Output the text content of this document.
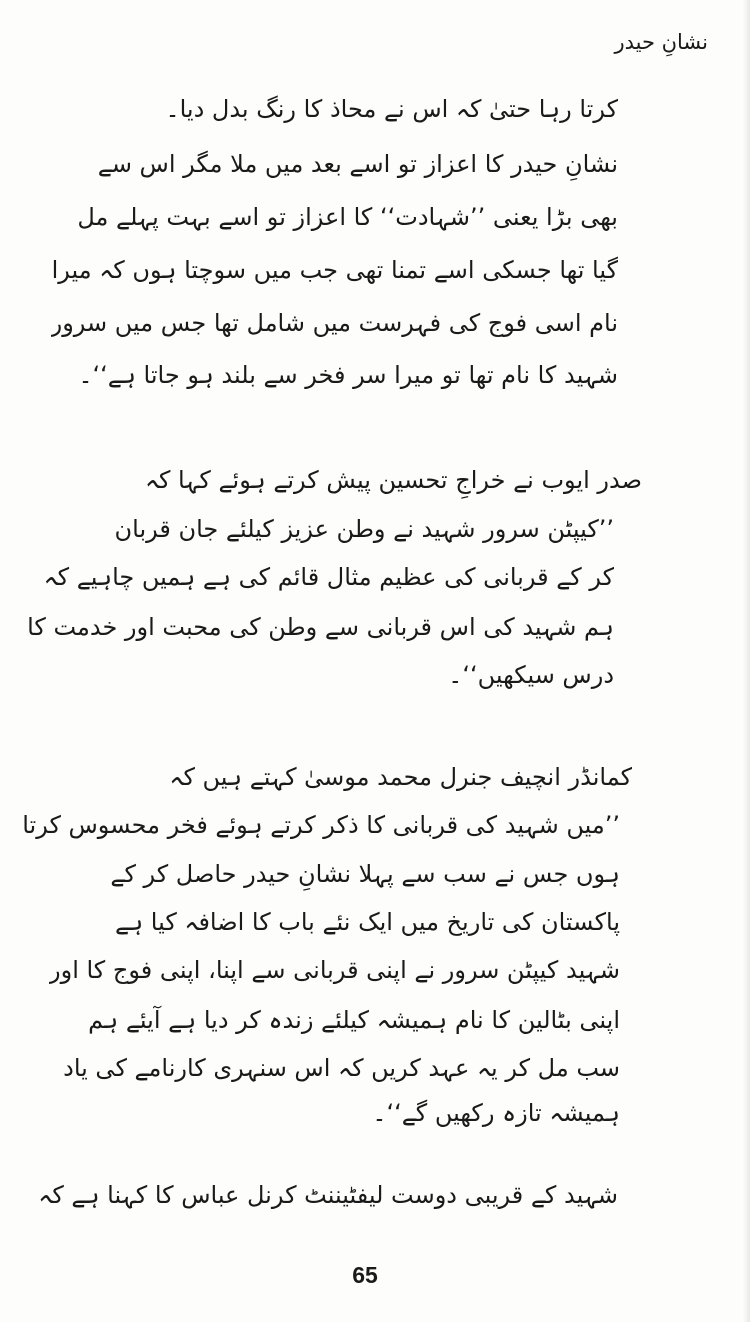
نشانِ حیدر
کرتا رہا حتیٰ کہ اس نے محاذ کا رنگ بدل دیا۔
نشانِ حیدر کا اعزاز تو اسے بعد میں ملا مگر اس سے
بھی بڑا یعنی ’’شہادت‘‘ کا اعزاز تو اسے بہت پہلے مل
گیا تھا جسکی اسے تمنا تھی جب میں سوچتا ہوں کہ میرا
نام اسی فوج کی فہرست میں شامل تھا جس میں سرور
شہید کا نام تھا تو میرا سر فخر سے بلند ہو جاتا ہے‘‘۔
صدر ایوب نے خراجِ تحسین پیش کرتے ہوئے کہا کہ
’’کیپٹن سرور شہید نے وطن عزیز کیلئے جان قربان
کر کے قربانی کی عظیم مثال قائم کی ہے ہمیں چاہیے کہ
ہم شہید کی اس قربانی سے وطن کی محبت اور خدمت کا
درس سیکھیں‘‘۔
کمانڈر انچیف جنرل محمد موسیٰ کہتے ہیں کہ
’’میں شہید کی قربانی کا ذکر کرتے ہوئے فخر محسوس کرتا
ہوں جس نے سب سے پہلا نشانِ حیدر حاصل کر کے
پاکستان کی تاریخ میں ایک نئے باب کا اضافہ کیا ہے
شہید کیپٹن سرور نے اپنی قربانی سے اپنا، اپنی فوج کا اور
اپنی بٹالین کا نام ہمیشہ کیلئے زندہ کر دیا ہے آیئے ہم
سب مل کر یہ عہد کریں کہ اس سنہری کارنامے کی یاد
ہمیشہ تازہ رکھیں گے‘‘۔
شہید کے قریبی دوست لیفٹیننٹ کرنل عباس کا کہنا ہے کہ
65
